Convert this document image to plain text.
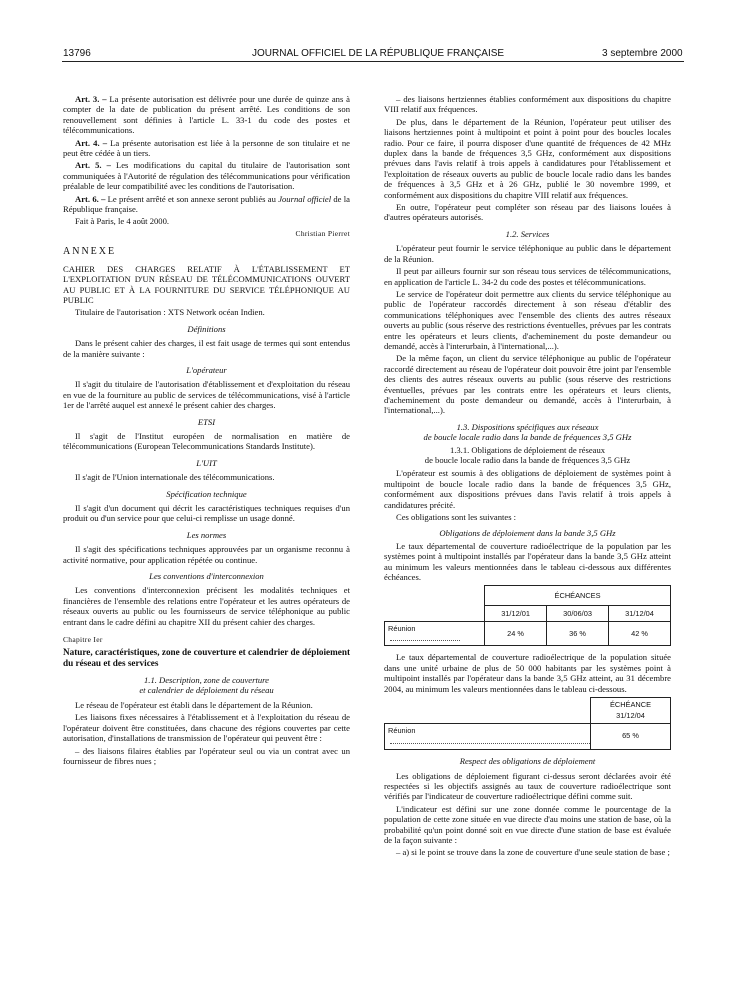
13796	JOURNAL OFFICIEL DE LA RÉPUBLIQUE FRANÇAISE	3 septembre 2000

Art. 3. – La présente autorisation est délivrée pour une durée de quinze ans à compter de la date de publication du présent arrêté. Les conditions de son renouvellement sont définies à l'article L. 33-1 du code des postes et télécommunications.

Art. 4. – La présente autorisation est liée à la personne de son titulaire et ne peut être cédée à un tiers.

Art. 5. – Les modifications du capital du titulaire de l'autorisation sont communiquées à l'Autorité de régulation des télécommunications pour vérification préalable de leur compatibilité avec les conditions de l'autorisation.

Art. 6. – Le présent arrêté et son annexe seront publiés au Journal officiel de la République française.

Fait à Paris, le 4 août 2000.

Christian Pierret

ANNEXE

CAHIER DES CHARGES RELATIF À L'ÉTABLISSEMENT ET L'EXPLOITATION D'UN RÉSEAU DE TÉLÉCOMMUNICATIONS OUVERT AU PUBLIC ET À LA FOURNITURE DU SERVICE TÉLÉPHONIQUE AU PUBLIC

Titulaire de l'autorisation : XTS Network océan Indien.

Définitions

Dans le présent cahier des charges, il est fait usage de termes qui sont entendus de la manière suivante :

L'opérateur

Il s'agit du titulaire de l'autorisation d'établissement et d'exploitation du réseau en vue de la fourniture au public de services de télécommunications, visé à l'article 1er de l'arrêté auquel est annexé le présent cahier des charges.

ETSI

Il s'agit de l'Institut européen de normalisation en matière de télécommunications (European Telecommunications Standards Institute).

L'UIT

Il s'agit de l'Union internationale des télécommunications.

Spécification technique

Il s'agit d'un document qui décrit les caractéristiques techniques requises d'un produit ou d'un service pour que celui-ci remplisse un usage donné.

Les normes

Il s'agit des spécifications techniques approuvées par un organisme reconnu à activité normative, pour application répétée ou continue.

Les conventions d'interconnexion

Les conventions d'interconnexion précisent les modalités techniques et financières de l'ensemble des relations entre l'opérateur et les autres opérateurs de réseaux ouverts au public ou les fournisseurs de service téléphonique au public entrant dans le cadre défini au chapitre XII du présent cahier des charges.

Chapitre Ier

Nature, caractéristiques, zone de couverture et calendrier de déploiement du réseau et des services

1.1. Description, zone de couverture

et calendrier de déploiement du réseau

Le réseau de l'opérateur est établi dans le département de la Réunion.

Les liaisons fixes nécessaires à l'établissement et à l'exploitation du réseau de l'opérateur doivent être constituées, dans chacune des régions couvertes par cette autorisation, d'installations de transmission de l'opérateur qui peuvent être :

– des liaisons filaires établies par l'opérateur seul ou via un contrat avec un fournisseur de fibres nues ;

– des liaisons hertziennes établies conformément aux dispositions du chapitre VIII relatif aux fréquences.

De plus, dans le département de la Réunion, l'opérateur peut utiliser des liaisons hertziennes point à multipoint et point à point pour des boucles locales radio. Pour ce faire, il pourra disposer d'une quantité de fréquences de 42 MHz duplex dans la bande de fréquences 3,5 GHz, conformément aux dispositions prévues dans l'avis relatif à trois appels à candidatures pour l'établissement et l'exploitation de réseaux ouverts au public de boucle locale radio dans les bandes de fréquences à 3,5 GHz et à 26 GHz, publié le 30 novembre 1999, et conformément aux dispositions du chapitre VIII relatif aux fréquences.

En outre, l'opérateur peut compléter son réseau par des liaisons louées à d'autres opérateurs autorisés.

1.2. Services

L'opérateur peut fournir le service téléphonique au public dans le département de la Réunion.

Il peut par ailleurs fournir sur son réseau tous services de télécommunications, en application de l'article L. 34-2 du code des postes et télécommunications.

Le service de l'opérateur doit permettre aux clients du service téléphonique au public de l'opérateur raccordés directement à son réseau d'établir des communications téléphoniques avec l'ensemble des clients des autres réseaux ouverts au public (sous réserve des restrictions éventuelles, prévues par les contrats entre les opérateurs et leurs clients, d'acheminement du poste demandeur ou demandé, accès à l'interurbain, à l'international,...).

De la même façon, un client du service téléphonique au public de l'opérateur raccordé directement au réseau de l'opérateur doit pouvoir être joint par l'ensemble des clients des autres réseaux ouverts au public (sous réserve des restrictions éventuelles, prévues par les contrats entre les opérateurs et leurs clients, d'acheminement du poste demandeur ou demandé, accès à l'interurbain, à l'international,...).

1.3. Dispositions spécifiques aux réseaux

de boucle locale radio dans la bande de fréquences 3,5 GHz

1.3.1. Obligations de déploiement de réseaux

de boucle locale radio dans la bande de fréquences 3,5 GHz

L'opérateur est soumis à des obligations de déploiement de systèmes point à multipoint de boucle locale radio dans la bande de fréquences 3,5 GHz, conformément aux dispositions prévues dans l'avis relatif à trois appels à candidatures précité.

Ces obligations sont les suivantes :

Obligations de déploiement dans la bande 3,5 GHz

Le taux départemental de couverture radioélectrique de la population par les systèmes point à multipoint installés par l'opérateur dans la bande 3,5 GHz atteint au minimum les valeurs mentionnées dans le tableau ci-dessous aux différentes échéances.

	ÉCHÉANCES		
	31/12/01	30/06/03	31/12/04
Réunion	24 %	36 %	42 %

Le taux départemental de couverture radioélectrique de la population située dans une unité urbaine de plus de 50 000 habitants par les systèmes point à multipoint installés par l'opérateur dans la bande 3,5 GHz atteint, au 31 décembre 2004, au minimum les valeurs mentionnées dans le tableau ci-dessous.

	ÉCHÉANCE
31/12/04
Réunion	65 %

Respect des obligations de déploiement

Les obligations de déploiement figurant ci-dessus seront déclarées avoir été respectées si les objectifs assignés au taux de couverture radioélectrique sont vérifiés par l'indicateur de couverture radioélectrique défini comme suit.

L'indicateur est défini sur une zone donnée comme le pourcentage de la population de cette zone située en vue directe d'au moins une station de base, où la probabilité qu'un point donné soit en vue directe d'une station de base est évaluée de la façon suivante :

– a) si le point se trouve dans la zone de couverture d'une seule station de base ;
